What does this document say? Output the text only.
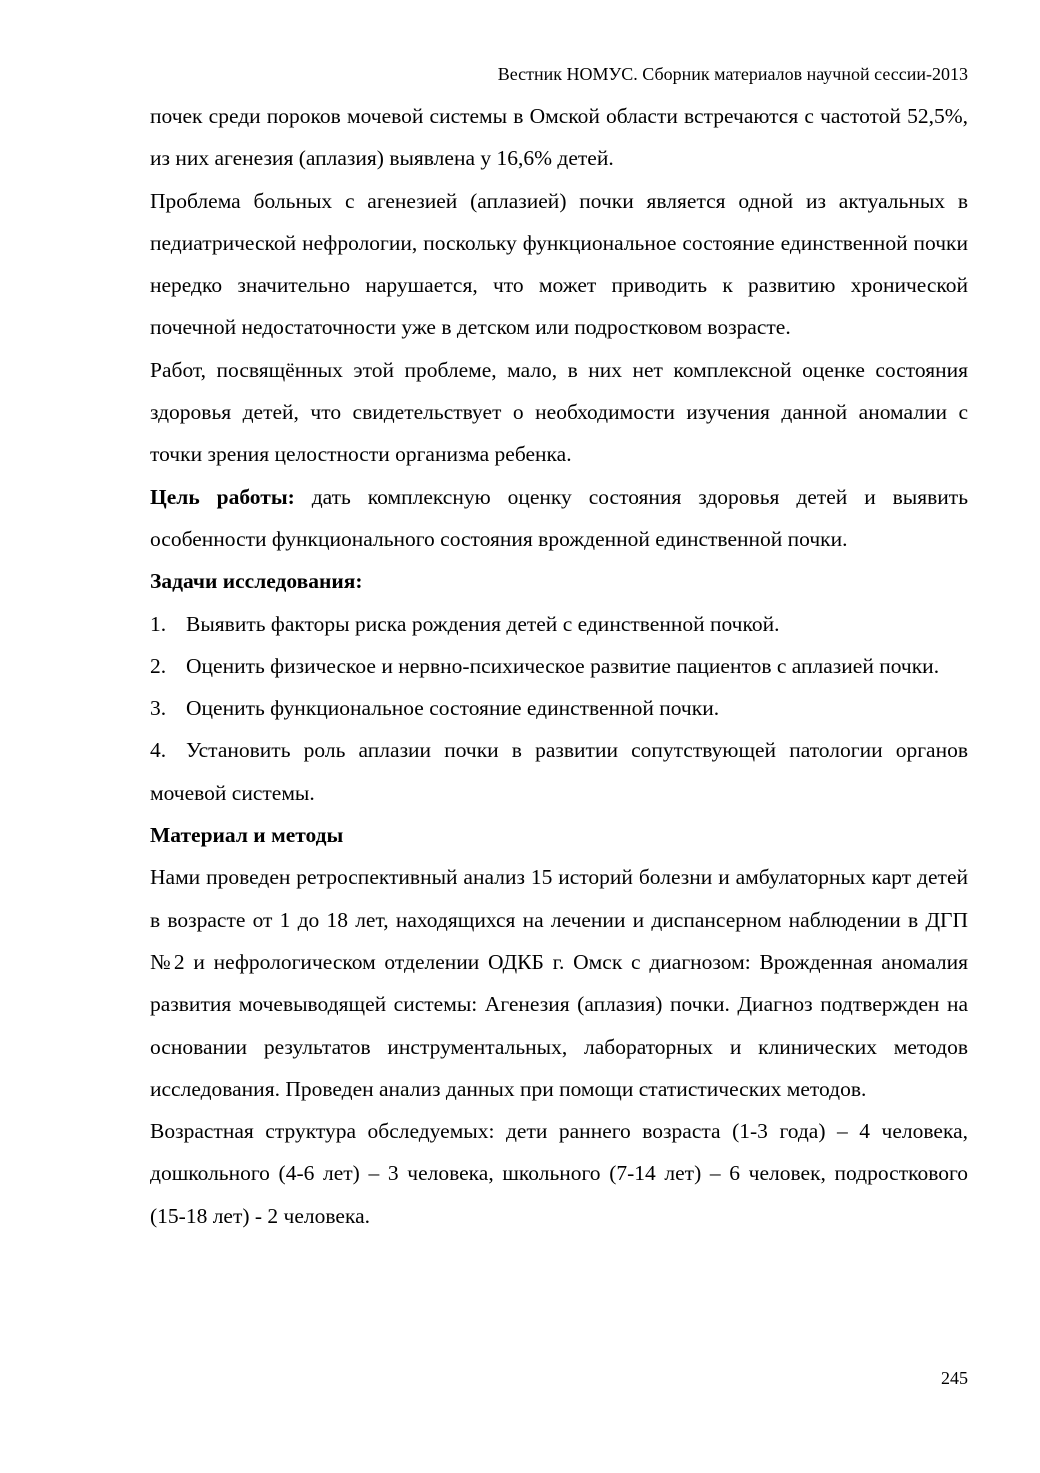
Вестник НОМУС. Сборник материалов научной сессии-2013

почек среди пороков мочевой системы в Омской области встречаются с частотой 52,5%, из них агенезия (аплазия) выявлена у 16,6% детей.

Проблема больных с агенезией (аплазией) почки является одной из актуальных в педиатрической нефрологии, поскольку функциональное состояние единственной почки нередко значительно нарушается, что может приводить к развитию хронической почечной недостаточности уже в детском или подростковом возрасте.

Работ, посвящённых этой проблеме, мало, в них нет комплексной оценке состояния здоровья детей, что свидетельствует о необходимости изучения данной аномалии с точки зрения целостности организма ребенка.

Цель работы: дать комплексную оценку состояния здоровья детей и выявить особенности функционального состояния врожденной единственной почки.

Задачи исследования:

1. Выявить факторы риска рождения детей с единственной почкой.

2. Оценить физическое и нервно-психическое развитие пациентов с аплазией почки.

3. Оценить функциональное состояние единственной почки.

4. Установить роль аплазии почки в развитии сопутствующей патологии органов мочевой системы.

Материал и методы

Нами проведен ретроспективный анализ 15 историй болезни и амбулаторных карт детей в возрасте от 1 до 18 лет, находящихся на лечении и диспансерном наблюдении в ДГП №2 и нефрологическом отделении ОДКБ г. Омск с диагнозом: Врожденная аномалия развития мочевыводящей системы: Агенезия (аплазия) почки. Диагноз подтвержден на основании результатов инструментальных, лабораторных и клинических методов исследования. Проведен анализ данных при помощи статистических методов.

Возрастная структура обследуемых: дети раннего возраста (1-3 года) – 4 человека, дошкольного (4-6 лет) – 3 человека, школьного (7-14 лет) – 6 человек, подросткового (15-18 лет) - 2 человека.

245
